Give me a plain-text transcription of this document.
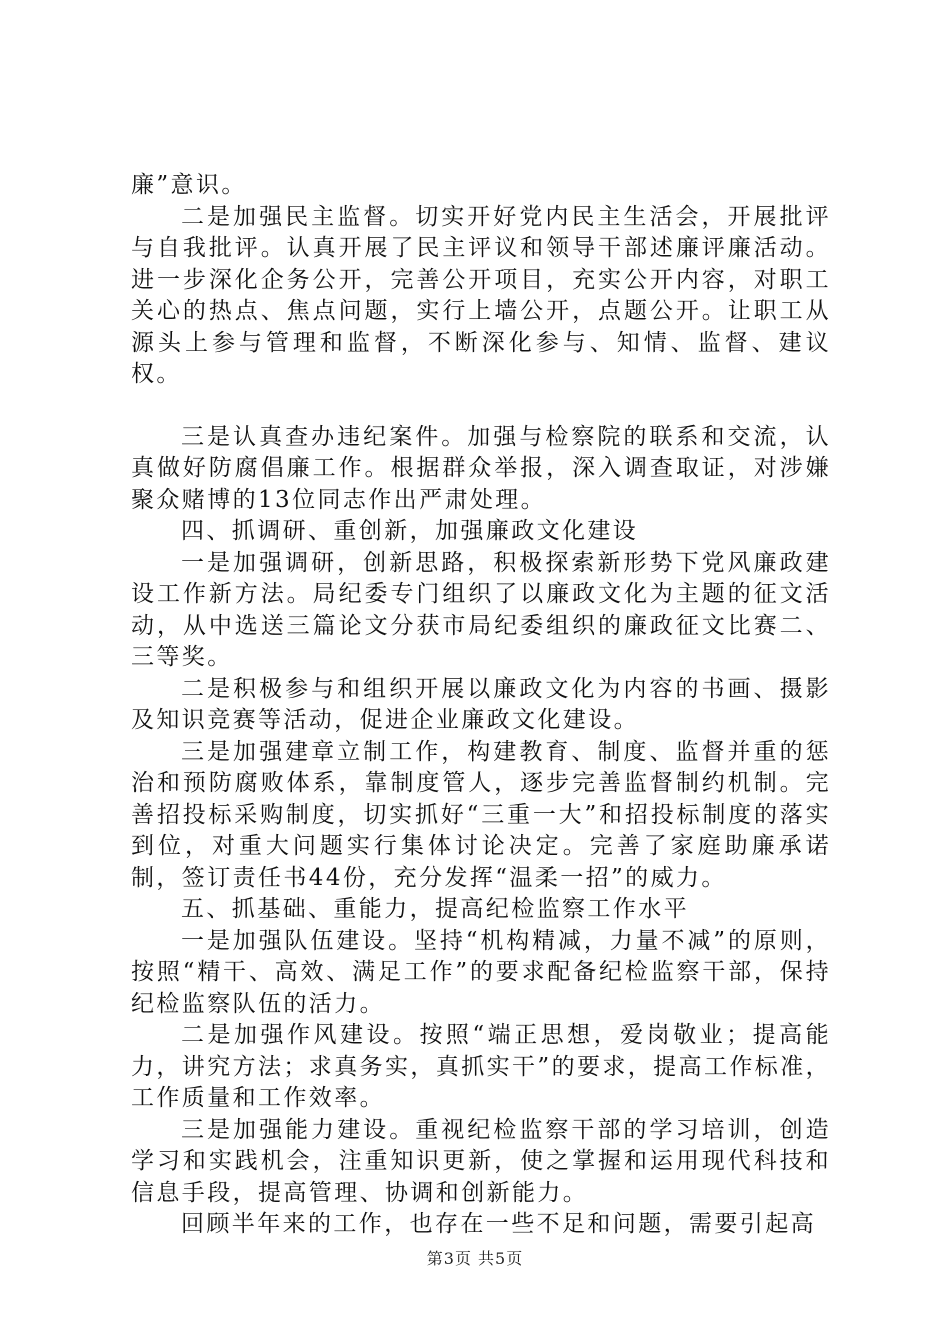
廉”意识。

二是加强民主监督。切实开好党内民主生活会，开展批评与自我批评。认真开展了民主评议和领导干部述廉评廉活动。进一步深化企务公开，完善公开项目，充实公开内容，对职工关心的热点、焦点问题，实行上墙公开，点题公开。让职工从源头上参与管理和监督，不断深化参与、知情、监督、建议权。

三是认真查办违纪案件。加强与检察院的联系和交流，认真做好防腐倡廉工作。根据群众举报，深入调查取证，对涉嫌聚众赌博的13位同志作出严肃处理。

四、抓调研、重创新，加强廉政文化建设

一是加强调研，创新思路，积极探索新形势下党风廉政建设工作新方法。局纪委专门组织了以廉政文化为主题的征文活动，从中选送三篇论文分获市局纪委组织的廉政征文比赛二、三等奖。

二是积极参与和组织开展以廉政文化为内容的书画、摄影及知识竞赛等活动，促进企业廉政文化建设。

三是加强建章立制工作，构建教育、制度、监督并重的惩治和预防腐败体系，靠制度管人，逐步完善监督制约机制。完善招投标采购制度，切实抓好“三重一大”和招投标制度的落实到位，对重大问题实行集体讨论决定。完善了家庭助廉承诺制，签订责任书44份，充分发挥“温柔一招”的威力。

五、抓基础、重能力，提高纪检监察工作水平

一是加强队伍建设。坚持“机构精减，力量不减”的原则，按照“精干、高效、满足工作”的要求配备纪检监察干部，保持纪检监察队伍的活力。

二是加强作风建设。按照“端正思想，爱岗敬业；提高能力，讲究方法；求真务实，真抓实干”的要求，提高工作标准，工作质量和工作效率。

三是加强能力建设。重视纪检监察干部的学习培训，创造学习和实践机会，注重知识更新，使之掌握和运用现代科技和信息手段，提高管理、协调和创新能力。

回顾半年来的工作，也存在一些不足和问题，需要引起高

第3页 共5页
